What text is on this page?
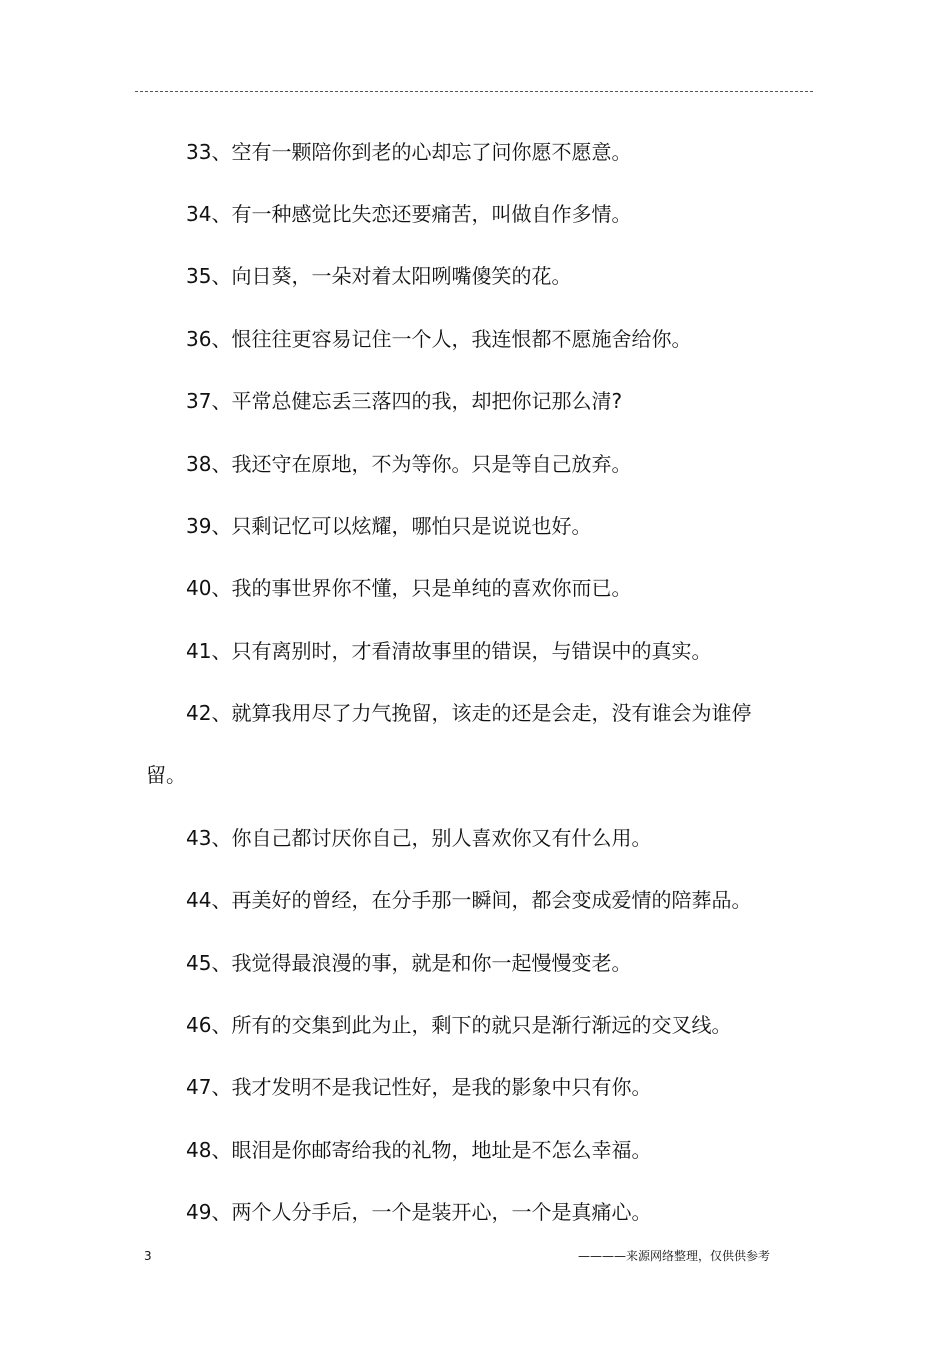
33、空有一颗陪你到老的心却忘了问你愿不愿意。
34、有一种感觉比失恋还要痛苦，叫做自作多情。
35、向日葵，一朵对着太阳咧嘴傻笑的花。
36、恨往往更容易记住一个人，我连恨都不愿施舍给你。
37、平常总健忘丢三落四的我，却把你记那么清?
38、我还守在原地，不为等你。只是等自己放弃。
39、只剩记忆可以炫耀，哪怕只是说说也好。
40、我的事世界你不懂，只是单纯的喜欢你而已。
41、只有离别时，才看清故事里的错误，与错误中的真实。
42、就算我用尽了力气挽留，该走的还是会走，没有谁会为谁停
留。
43、你自己都讨厌你自己，别人喜欢你又有什么用。
44、再美好的曾经，在分手那一瞬间，都会变成爱情的陪葬品。
45、我觉得最浪漫的事，就是和你一起慢慢变老。
46、所有的交集到此为止，剩下的就只是渐行渐远的交叉线。
47、我才发明不是我记性好，是我的影象中只有你。
48、眼泪是你邮寄给我的礼物，地址是不怎么幸福。
49、两个人分手后，一个是装开心，一个是真痛心。
3	————来源网络整理，仅供供参考
